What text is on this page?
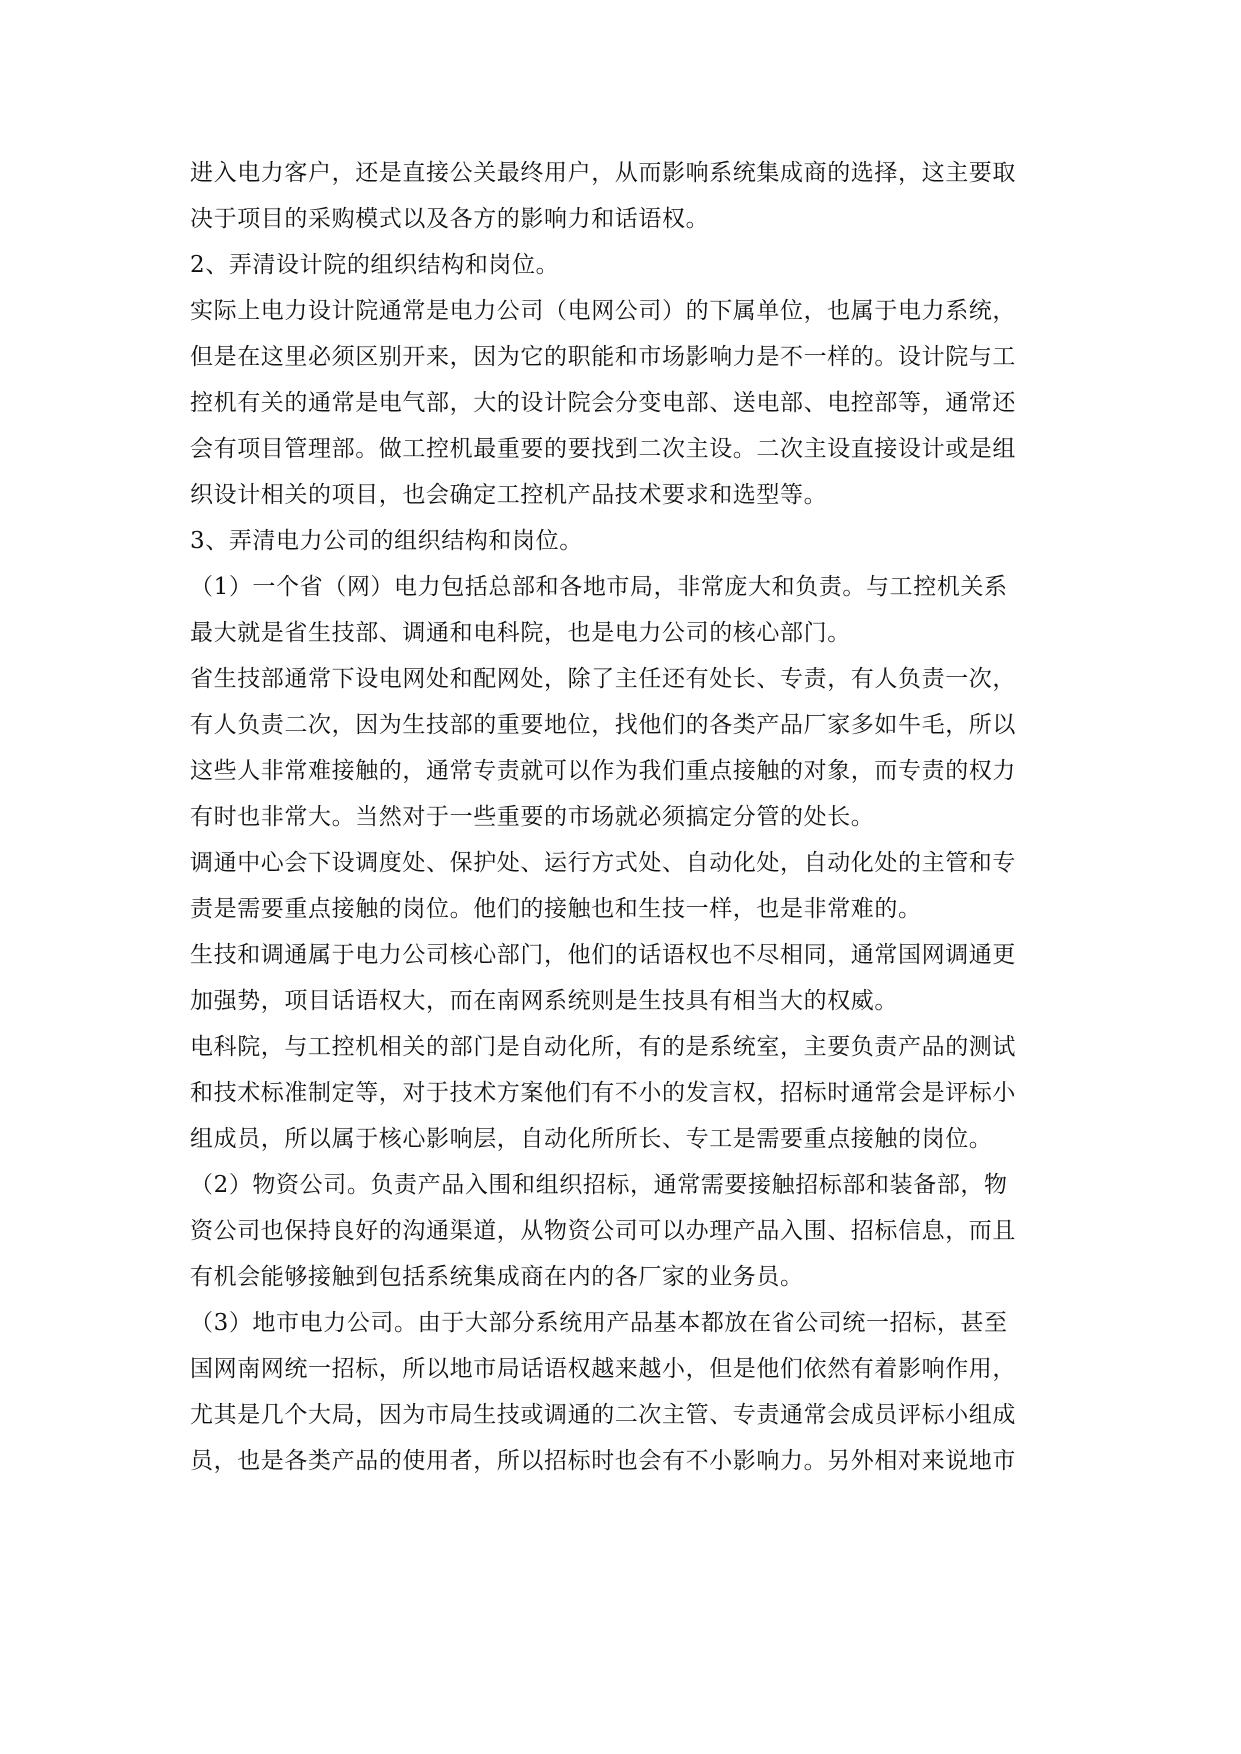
进入电力客户，还是直接公关最终用户，从而影响系统集成商的选择，这主要取
决于项目的采购模式以及各方的影响力和话语权。
2、弄清设计院的组织结构和岗位。
实际上电力设计院通常是电力公司（电网公司）的下属单位，也属于电力系统，
但是在这里必须区别开来，因为它的职能和市场影响力是不一样的。设计院与工
控机有关的通常是电气部，大的设计院会分变电部、送电部、电控部等，通常还
会有项目管理部。做工控机最重要的要找到二次主设。二次主设直接设计或是组
织设计相关的项目，也会确定工控机产品技术要求和选型等。
3、弄清电力公司的组织结构和岗位。
（1）一个省（网）电力包括总部和各地市局，非常庞大和负责。与工控机关系
最大就是省生技部、调通和电科院，也是电力公司的核心部门。
省生技部通常下设电网处和配网处，除了主任还有处长、专责，有人负责一次，
有人负责二次，因为生技部的重要地位，找他们的各类产品厂家多如牛毛，所以
这些人非常难接触的，通常专责就可以作为我们重点接触的对象，而专责的权力
有时也非常大。当然对于一些重要的市场就必须搞定分管的处长。
调通中心会下设调度处、保护处、运行方式处、自动化处，自动化处的主管和专
责是需要重点接触的岗位。他们的接触也和生技一样，也是非常难的。
生技和调通属于电力公司核心部门，他们的话语权也不尽相同，通常国网调通更
加强势，项目话语权大，而在南网系统则是生技具有相当大的权威。
电科院，与工控机相关的部门是自动化所，有的是系统室，主要负责产品的测试
和技术标准制定等，对于技术方案他们有不小的发言权，招标时通常会是评标小
组成员，所以属于核心影响层，自动化所所长、专工是需要重点接触的岗位。
（2）物资公司。负责产品入围和组织招标，通常需要接触招标部和装备部，物
资公司也保持良好的沟通渠道，从物资公司可以办理产品入围、招标信息，而且
有机会能够接触到包括系统集成商在内的各厂家的业务员。
（3）地市电力公司。由于大部分系统用产品基本都放在省公司统一招标，甚至
国网南网统一招标，所以地市局话语权越来越小，但是他们依然有着影响作用，
尤其是几个大局，因为市局生技或调通的二次主管、专责通常会成员评标小组成
员，也是各类产品的使用者，所以招标时也会有不小影响力。另外相对来说地市
